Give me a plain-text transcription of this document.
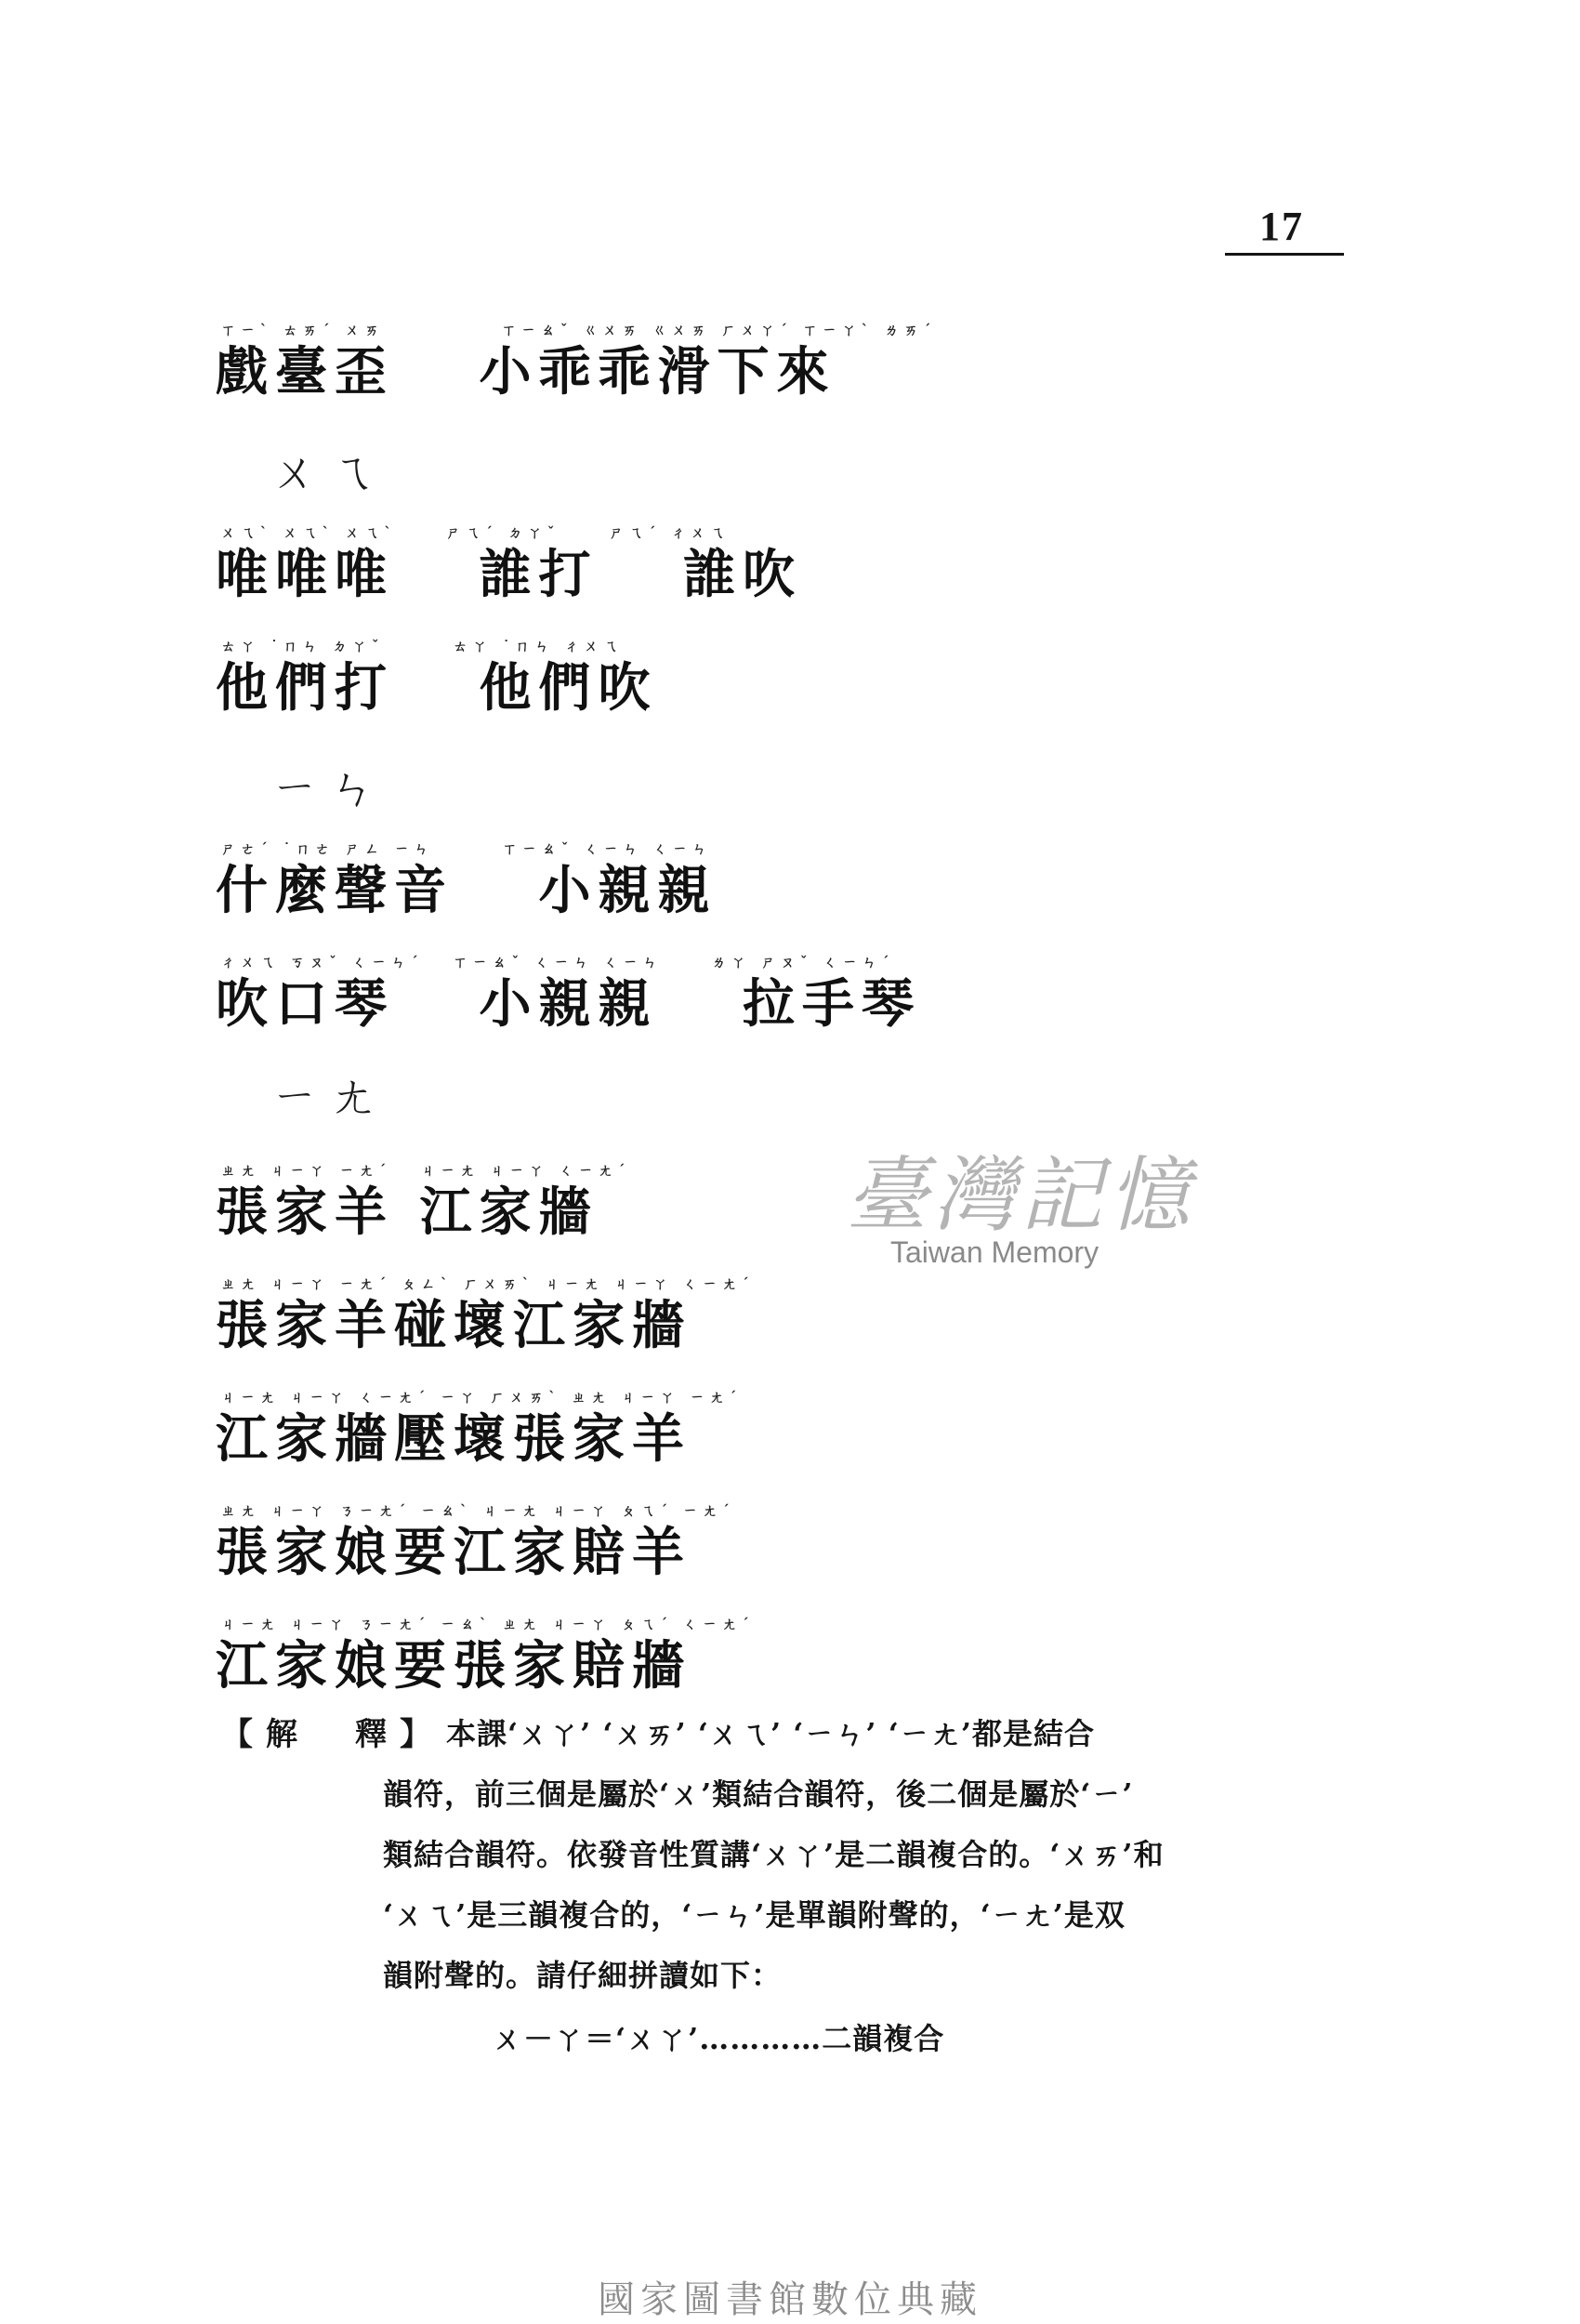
17
ㄒㄧˋ ㄊㄞˊ ㄨㄞ	ㄒㄧㄠˇ ㄍㄨㄞ ㄍㄨㄞ ㄏㄨㄚˊ ㄒㄧㄚˋ ㄌㄞˊ
戲臺歪　 小乖乖滑下來
ㄨㄟ
ㄨㄟˋ ㄨㄟˋ ㄨㄟˋ　　 ㄕㄟˊ ㄉㄚˇ　　 ㄕㄟˊ ㄔㄨㄟ
唯唯唯　 誰打　 誰吹
ㄊㄚ ˙ㄇㄣ ㄉㄚˇ　　　 ㄊㄚ ˙ㄇㄣ ㄔㄨㄟ
他們打 　他們吹
ㄧㄣ
ㄕㄜˊ ˙ㄇㄜ ㄕㄥ ㄧㄣ　　　 ㄒㄧㄠˇ ㄑㄧㄣ ㄑㄧㄣ
什麼聲音　 小親親
ㄔㄨㄟ ㄎㄡˇ ㄑㄧㄣˊ　 ㄒㄧㄠˇ ㄑㄧㄣ ㄑㄧㄣ　　 ㄌㄚ ㄕㄡˇ ㄑㄧㄣˊ
吹口琴　 小親親　 拉手琴
ㄧㄤ
ㄓㄤ ㄐㄧㄚ ㄧㄤˊ　 ㄐㄧㄤ ㄐㄧㄚ ㄑㄧㄤˊ
張家羊 江家牆
ㄓㄤ ㄐㄧㄚ ㄧㄤˊ ㄆㄥˋ ㄏㄨㄞˋ ㄐㄧㄤ ㄐㄧㄚ ㄑㄧㄤˊ
張家羊碰壞江家牆
ㄐㄧㄤ ㄐㄧㄚ ㄑㄧㄤˊ ㄧㄚ ㄏㄨㄞˋ ㄓㄤ ㄐㄧㄚ ㄧㄤˊ
江家牆壓壞張家羊
ㄓㄤ ㄐㄧㄚ ㄋㄧㄤˊ ㄧㄠˋ ㄐㄧㄤ ㄐㄧㄚ ㄆㄟˊ ㄧㄤˊ
張家娘要江家賠羊
ㄐㄧㄤ ㄐㄧㄚ ㄋㄧㄤˊ ㄧㄠˋ ㄓㄤ ㄐㄧㄚ ㄆㄟˊ ㄑㄧㄤˊ
江家娘要張家賠牆
臺灣記憶
Taiwan Memory
【解　釋】 本課‘ㄨㄚ’ ‘ㄨㄞ’ ‘ㄨㄟ’ ‘ㄧㄣ’ ‘ㄧㄤ’都是結合
韻符，前三個是屬於‘ㄨ’類結合韻符，後二個是屬於‘ㄧ’
類結合韻符。依發音性質講‘ㄨㄚ’是二韻複合的。‘ㄨㄞ’和
‘ㄨㄟ’是三韻複合的，‘ㄧㄣ’是單韻附聲的，‘ㄧㄤ’是双
韻附聲的。請仔細拼讀如下：
ㄨ－ㄚ＝‘ㄨㄚ’…………二韻複合
國家圖書館數位典藏
